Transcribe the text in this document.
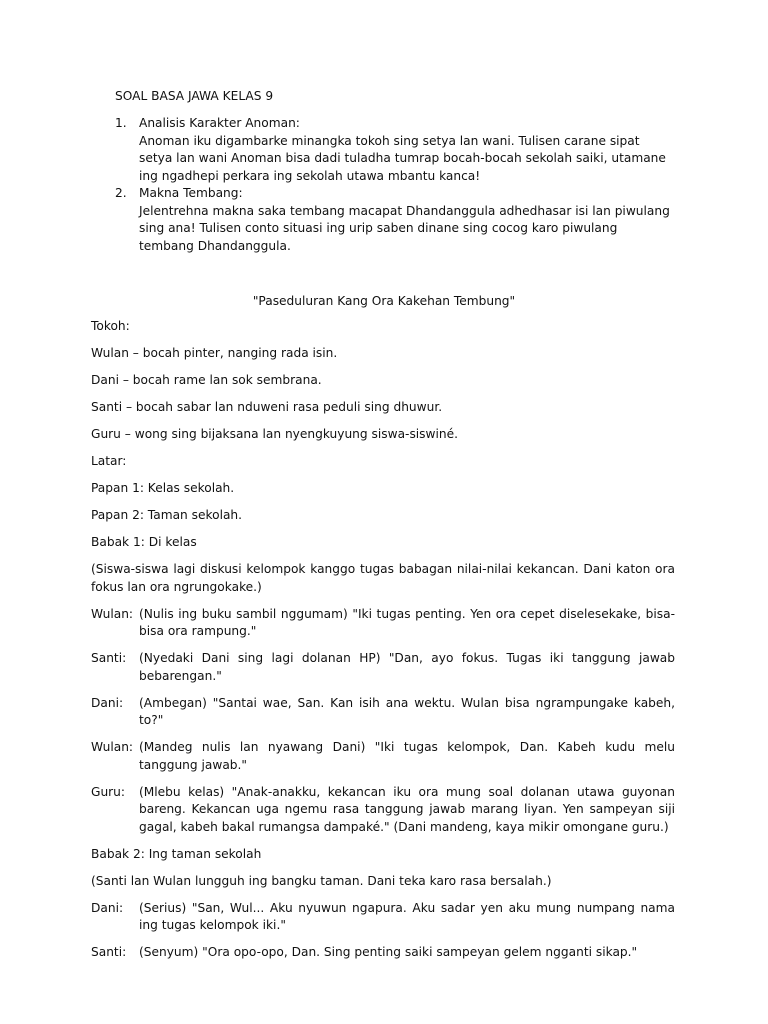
SOAL BASA JAWA KELAS 9
1. Analisis Karakter Anoman:
Anoman iku digambarke minangka tokoh sing setya lan wani. Tulisen carane sipat setya lan wani Anoman bisa dadi tuladha tumrap bocah-bocah sekolah saiki, utamane ing ngadhepi perkara ing sekolah utawa mbantu kanca!
2. Makna Tembang:
Jelentrehna makna saka tembang macapat Dhandanggula adhedhasar isi lan piwulang sing ana! Tulisen conto situasi ing urip saben dinane sing cocog karo piwulang tembang Dhandanggula.
"Paseduluran Kang Ora Kakehan Tembung"
Tokoh:
Wulan – bocah pinter, nanging rada isin.
Dani – bocah rame lan sok sembrana.
Santi – bocah sabar lan nduweni rasa peduli sing dhuwur.
Guru – wong sing bijaksana lan nyengkuyung siswa-siswiné.
Latar:
Papan 1: Kelas sekolah.
Papan 2: Taman sekolah.
Babak 1: Di kelas
(Siswa-siswa lagi diskusi kelompok kanggo tugas babagan nilai-nilai kekancan. Dani katon ora fokus lan ora ngrungokake.)
Wulan: (Nulis ing buku sambil nggumam) "Iki tugas penting. Yen ora cepet diselesekake, bisa-bisa ora rampung."
Santi:	(Nyedaki Dani sing lagi dolanan HP) "Dan, ayo fokus. Tugas iki tanggung jawab bebarengan."
Dani:	(Ambegan) "Santai wae, San. Kan isih ana wektu. Wulan bisa ngrampungake kabeh, to?"
Wulan: (Mandeg nulis lan nyawang Dani) "Iki tugas kelompok, Dan. Kabeh kudu melu tanggung jawab."
Guru:	(Mlebu kelas) "Anak-anakku, kekancan iku ora mung soal dolanan utawa guyonan bareng. Kekancan uga ngemu rasa tanggung jawab marang liyan. Yen sampeyan siji gagal, kabeh bakal rumangsa dampaké." (Dani mandeng, kaya mikir omongane guru.)
Babak 2: Ing taman sekolah
(Santi lan Wulan lungguh ing bangku taman. Dani teka karo rasa bersalah.)
Dani:	(Serius) "San, Wul... Aku nyuwun ngapura. Aku sadar yen aku mung numpang nama ing tugas kelompok iki."
Santi:	(Senyum) "Ora opo-opo, Dan. Sing penting saiki sampeyan gelem ngganti sikap."
